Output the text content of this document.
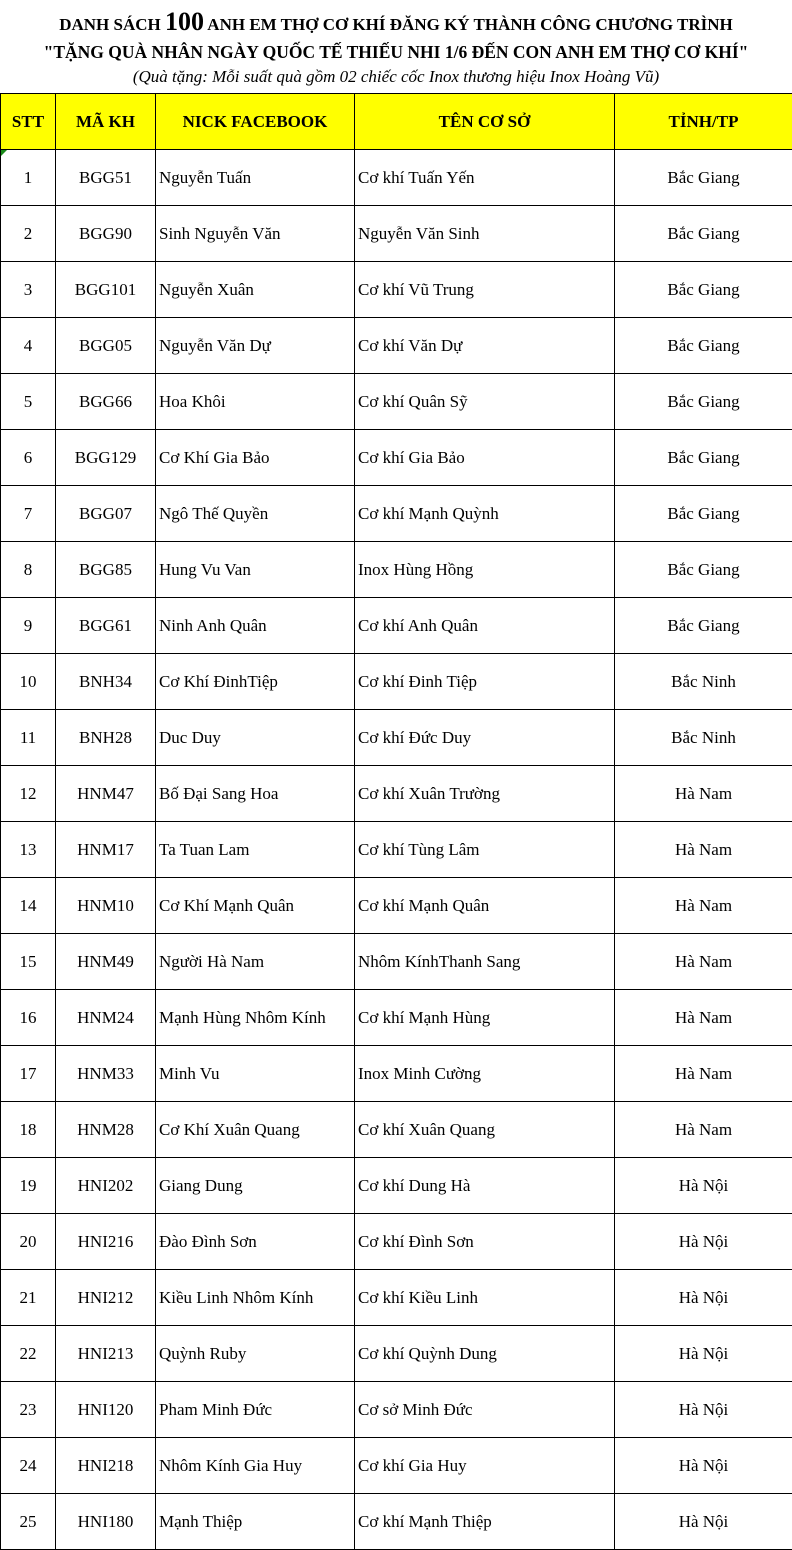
DANH SÁCH 100 ANH EM THỢ CƠ KHÍ ĐĂNG KÝ THÀNH CÔNG CHƯƠNG TRÌNH
"TẶNG QUÀ NHÂN NGÀY QUỐC TẾ THIẾU NHI 1/6 ĐẾN CON ANH EM THỢ CƠ KHÍ"
(Quà tặng: Mỗi suất quà gồm 02 chiếc cốc Inox thương hiệu Inox Hoàng Vũ)
STT	MÃ KH	NICK FACEBOOK	TÊN CƠ SỞ	TỈNH/TP
1	BGG51	Nguyễn Tuấn	Cơ khí Tuấn Yến	Bắc Giang
2	BGG90	Sinh Nguyễn Văn	Nguyễn Văn Sinh	Bắc Giang
3	BGG101	Nguyễn Xuân	Cơ khí Vũ Trung	Bắc Giang
4	BGG05	Nguyễn Văn Dự	Cơ khí Văn Dự	Bắc Giang
5	BGG66	Hoa Khôi	Cơ khí Quân Sỹ	Bắc Giang
6	BGG129	Cơ Khí Gia Bảo	Cơ khí Gia Bảo	Bắc Giang
7	BGG07	Ngô Thế Quyền	Cơ khí Mạnh Quỳnh	Bắc Giang
8	BGG85	Hung Vu Van	Inox Hùng Hồng	Bắc Giang
9	BGG61	Ninh Anh Quân	Cơ khí Anh Quân	Bắc Giang
10	BNH34	Cơ Khí ĐinhTiệp	Cơ khí Đinh Tiệp	Bắc Ninh
11	BNH28	Duc Duy	Cơ khí Đức Duy	Bắc Ninh
12	HNM47	Bố Đại Sang Hoa	Cơ khí Xuân Trường	Hà Nam
13	HNM17	Ta Tuan Lam	Cơ khí Tùng Lâm	Hà Nam
14	HNM10	Cơ Khí Mạnh Quân	Cơ khí Mạnh Quân	Hà Nam
15	HNM49	Người Hà Nam	Nhôm KínhThanh Sang	Hà Nam
16	HNM24	Mạnh Hùng Nhôm Kính	Cơ khí Mạnh Hùng	Hà Nam
17	HNM33	Minh Vu	Inox Minh Cường	Hà Nam
18	HNM28	Cơ Khí Xuân Quang	Cơ khí Xuân Quang	Hà Nam
19	HNI202	Giang Dung	Cơ khí Dung Hà	Hà Nội
20	HNI216	Đào Đình Sơn	Cơ khí Đình Sơn	Hà Nội
21	HNI212	Kiều Linh Nhôm Kính	Cơ khí Kiều Linh	Hà Nội
22	HNI213	Quỳnh Ruby	Cơ khí Quỳnh Dung	Hà Nội
23	HNI120	Pham Minh Đức	Cơ sở Minh Đức	Hà Nội
24	HNI218	Nhôm Kính Gia Huy	Cơ khí Gia Huy	Hà Nội
25	HNI180	Mạnh Thiệp	Cơ khí Mạnh Thiệp	Hà Nội
